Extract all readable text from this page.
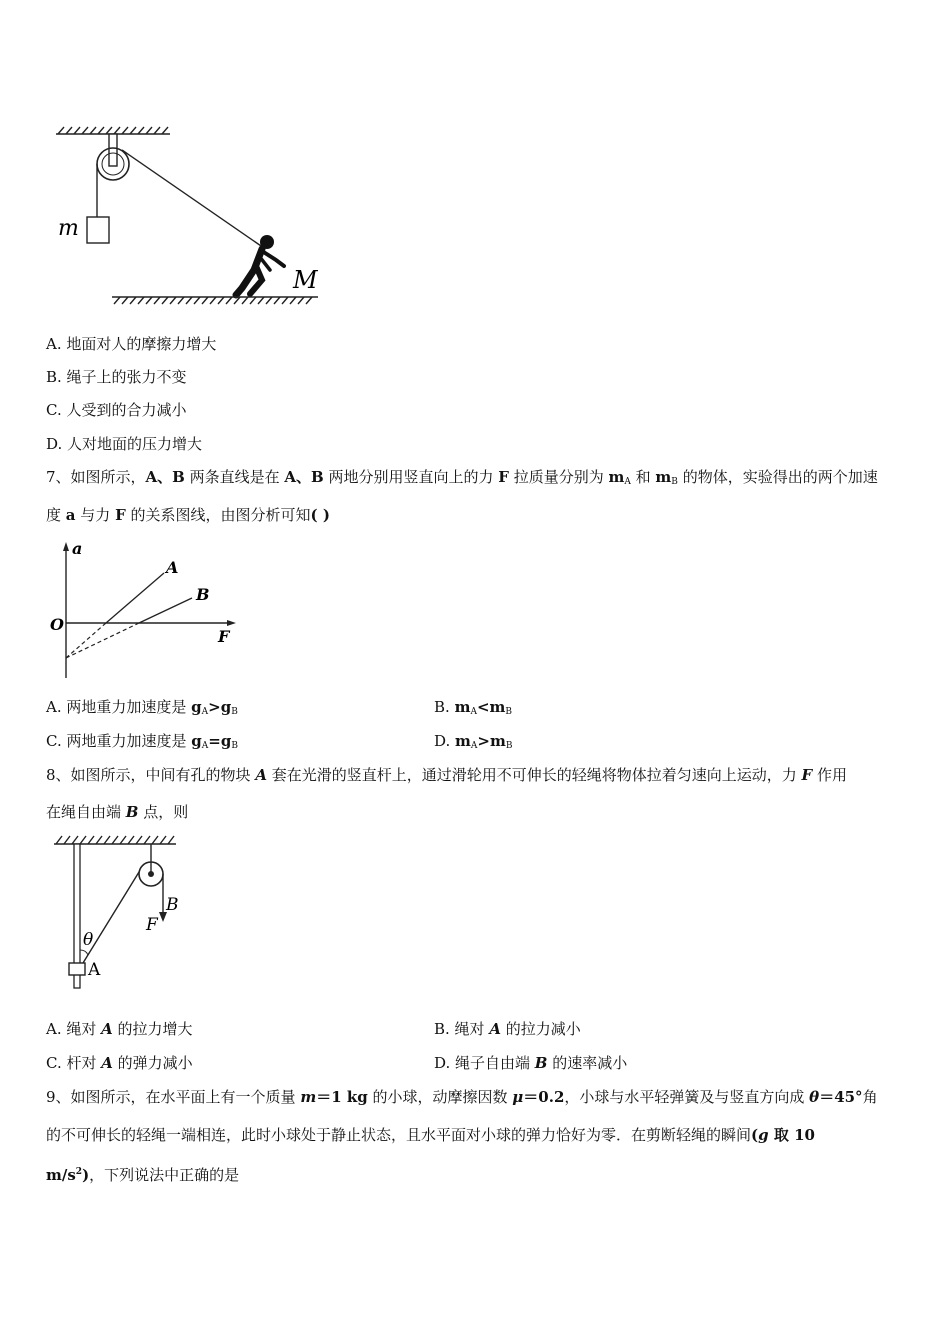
m
M
A. 地面对人的摩擦力增大
B. 绳子上的张力不变
C. 人受到的合力减小
D. 人对地面的压力增大
7、如图所示，A、B 两条直线是在 A、B 两地分别用竖直向上的力 F 拉质量分别为 $m_A$ 和 $m_B$ 的物体，实验得出的两个加速
度 a 与力 F 的关系图线，由图分析可知( )
a
O
F
A
B
A. 两地重力加速度是 $g_A>g_B$	B. $m_A<m_B$
C. 两地重力加速度是 $g_A=g_B$	D. $m_A>m_B$
8、如图所示，中间有孔的物块 A 套在光滑的竖直杆上，通过滑轮用不可伸长的轻绳将物体拉着匀速向上运动，力 F 作用
在绳自由端 B 点，则
θ
A
B
F
A. 绳对 A 的拉力增大	B. 绳对 A 的拉力减小
C. 杆对 A 的弹力减小	D. 绳子自由端 B 的速率减小
9、如图所示，在水平面上有一个质量 m＝1 kg 的小球，动摩擦因数 μ＝0.2，小球与水平轻弹簧及与竖直方向成 θ＝45°角
的不可伸长的轻绳一端相连，此时小球处于静止状态，且水平面对小球的弹力恰好为零．在剪断轻绳的瞬间(g 取 10
$m/s^2$)，下列说法中正确的是
